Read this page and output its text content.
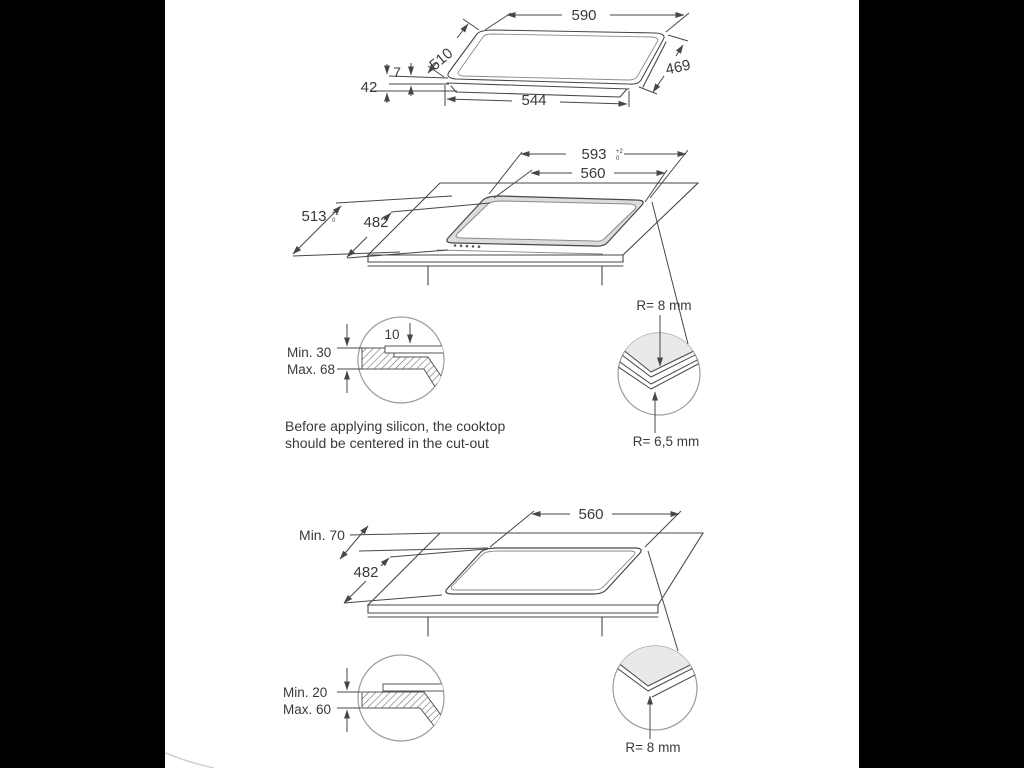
590
510	469
544
7
42
593 +2
0
560
513 +2
0 482
R= 8 mm
R= 6,5 mm
10
Min. 30
Max. 68
Before applying silicon, the cooktop
should be centered in the cut-out
560
Min. 70
482
R= 8 mm
Min. 20
Max. 60
